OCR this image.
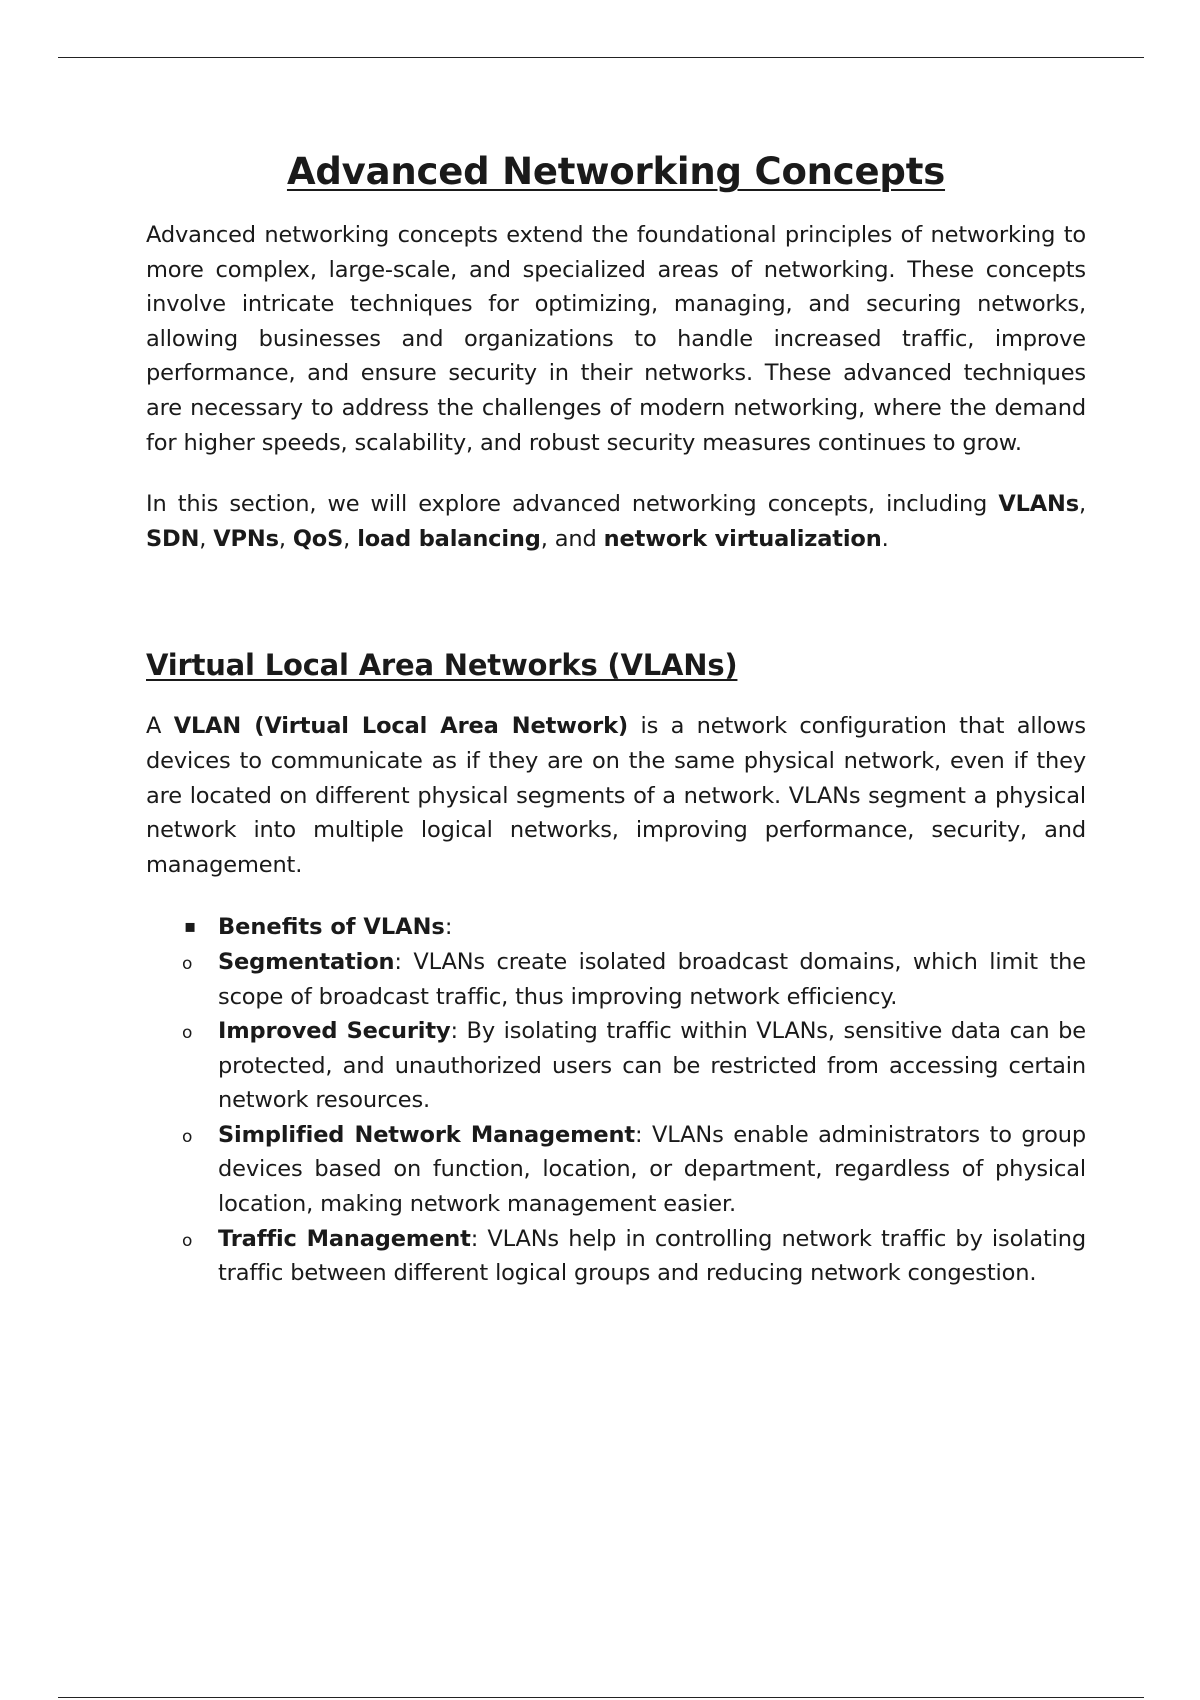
Advanced Networking Concepts

Advanced networking concepts extend the foundational principles of networking to more complex, large-scale, and specialized areas of networking. These concepts involve intricate techniques for optimizing, managing, and securing networks, allowing businesses and organizations to handle increased traffic, improve performance, and ensure security in their networks. These advanced techniques are necessary to address the challenges of modern networking, where the demand for higher speeds, scalability, and robust security measures continues to grow.

In this section, we will explore advanced networking concepts, including VLANs, SDN, VPNs, QoS, load balancing, and network virtualization.

Virtual Local Area Networks (VLANs)

A VLAN (Virtual Local Area Network) is a network configuration that allows devices to communicate as if they are on the same physical network, even if they are located on different physical segments of a network. VLANs segment a physical network into multiple logical networks, improving performance, security, and management.

▪ Benefits of VLANs:
o Segmentation: VLANs create isolated broadcast domains, which limit the scope of broadcast traffic, thus improving network efficiency.
o Improved Security: By isolating traffic within VLANs, sensitive data can be protected, and unauthorized users can be restricted from accessing certain network resources.
o Simplified Network Management: VLANs enable administrators to group devices based on function, location, or department, regardless of physical location, making network management easier.
o Traffic Management: VLANs help in controlling network traffic by isolating traffic between different logical groups and reducing network congestion.
